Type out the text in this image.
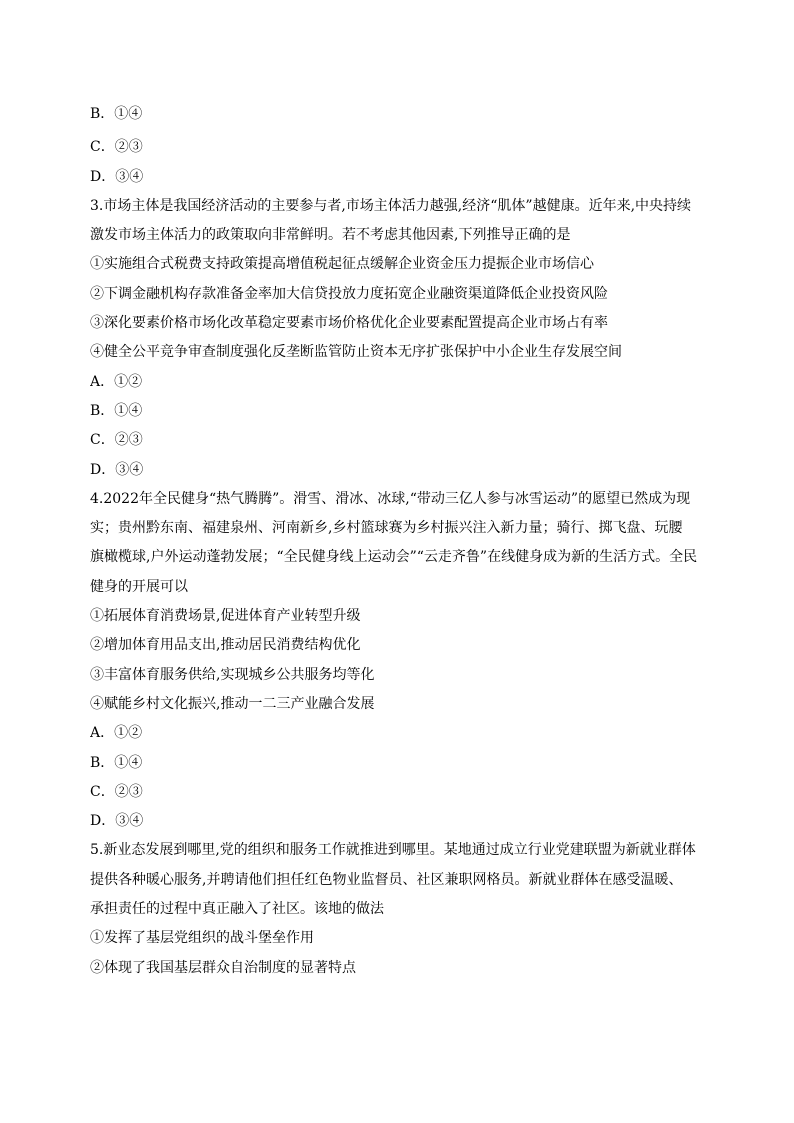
B．①④
C．②③
D．③④
3.市场主体是我国经济活动的主要参与者,市场主体活力越强,经济“肌体”越健康。近年来,中央持续
激发市场主体活力的政策取向非常鲜明。若不考虑其他因素,下列推导正确的是
①实施组合式税费支持政策提高增值税起征点缓解企业资金压力提振企业市场信心
②下调金融机构存款准备金率加大信贷投放力度拓宽企业融资渠道降低企业投资风险
③深化要素价格市场化改革稳定要素市场价格优化企业要素配置提高企业市场占有率
④健全公平竞争审查制度强化反垄断监管防止资本无序扩张保护中小企业生存发展空间
A．①②
B．①④
C．②③
D．③④
4.2022年全民健身“热气腾腾”。滑雪、滑冰、冰球,“带动三亿人参与冰雪运动”的愿望已然成为现
实；贵州黔东南、福建泉州、河南新乡,乡村篮球赛为乡村振兴注入新力量；骑行、掷飞盘、玩腰
旗橄榄球,户外运动蓬勃发展；“全民健身线上运动会”“云走齐鲁”在线健身成为新的生活方式。全民
健身的开展可以
①拓展体育消费场景,促进体育产业转型升级
②增加体育用品支出,推动居民消费结构优化
③丰富体育服务供给,实现城乡公共服务均等化
④赋能乡村文化振兴,推动一二三产业融合发展
A．①②
B．①④
C．②③
D．③④
5.新业态发展到哪里,党的组织和服务工作就推进到哪里。某地通过成立行业党建联盟为新就业群体
提供各种暖心服务,并聘请他们担任红色物业监督员、社区兼职网格员。新就业群体在感受温暖、
承担责任的过程中真正融入了社区。该地的做法
①发挥了基层党组织的战斗堡垒作用
②体现了我国基层群众自治制度的显著特点
